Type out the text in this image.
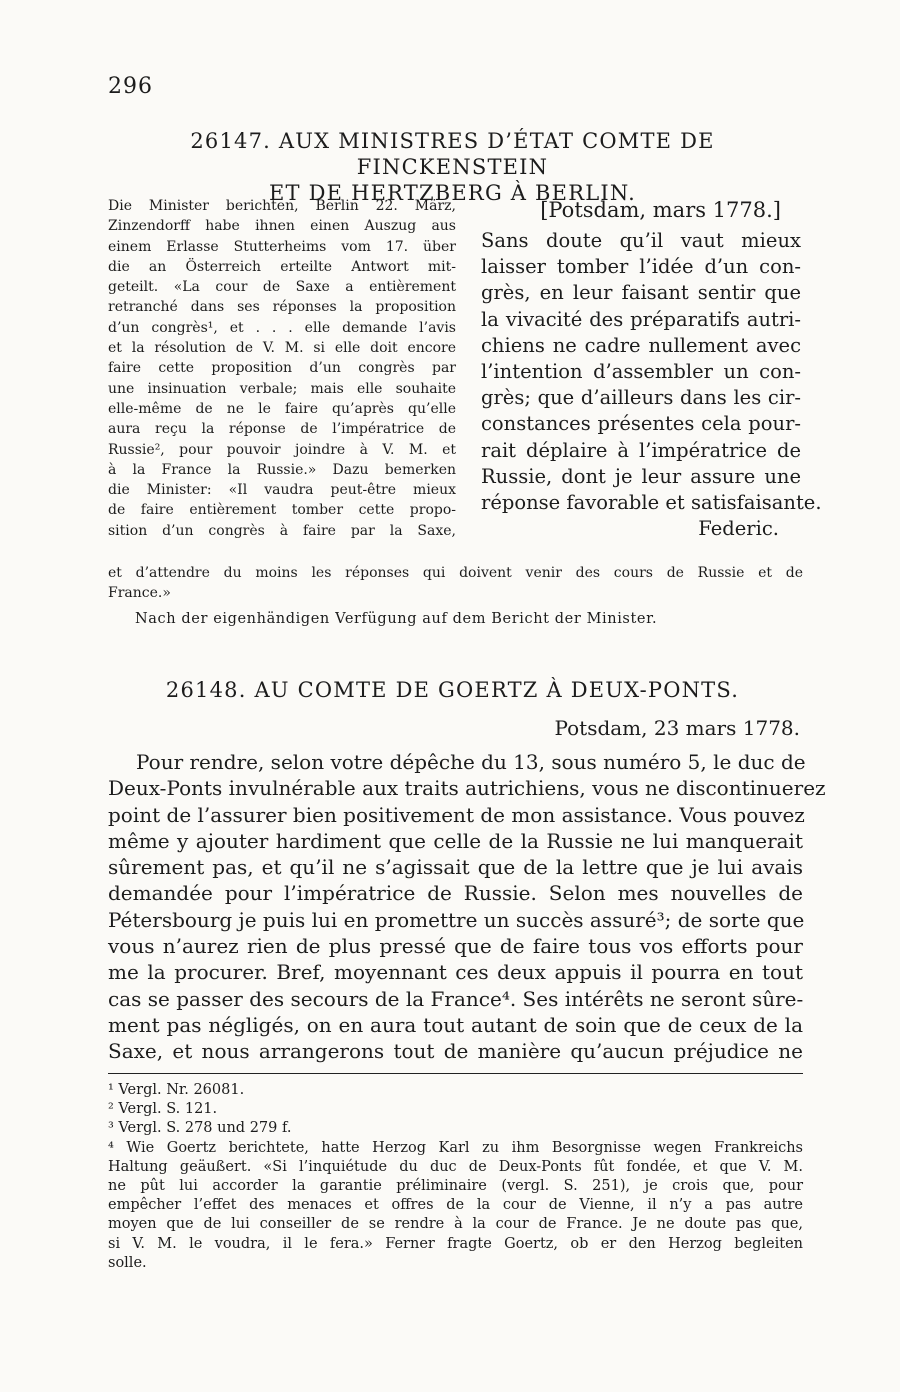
296
26147. AUX MINISTRES D’ÉTAT COMTE DE FINCKENSTEIN
ET DE HERTZBERG À BERLIN.
Die Minister berichten, Berlin 22. März,
Zinzendorff habe ihnen einen Auszug aus
einem Erlasse Stutterheims vom 17. über
die an Österreich erteilte Antwort mit-
geteilt. «La cour de Saxe a entièrement
retranché dans ses réponses la proposition
d’un congrès¹, et . . . elle demande l’avis
et la résolution de V. M. si elle doit encore
faire cette proposition d’un congrès par
une insinuation verbale; mais elle souhaite
elle-même de ne le faire qu’après qu’elle
aura reçu la réponse de l’impératrice de
Russie², pour pouvoir joindre à V. M. et
à la France la Russie.» Dazu bemerken
die Minister: «Il vaudra peut-être mieux
de faire entièrement tomber cette propo-
sition d’un congrès à faire par la Saxe,
[Potsdam, mars 1778.]
Sans doute qu’il vaut mieux
laisser tomber l’idée d’un con-
grès, en leur faisant sentir que
la vivacité des préparatifs autri-
chiens ne cadre nullement avec
l’intention d’assembler un con-
grès; que d’ailleurs dans les cir-
constances présentes cela pour-
rait déplaire à l’impératrice de
Russie, dont je leur assure une
réponse favorable et satisfaisante.
Federic.
et d’attendre du moins les réponses qui doivent venir des cours de Russie et de
France.»
Nach der eigenhändigen Verfügung auf dem Bericht der Minister.
26148. AU COMTE DE GOERTZ À DEUX-PONTS.
Potsdam, 23 mars 1778.
Pour rendre, selon votre dépêche du 13, sous numéro 5, le duc de
Deux-Ponts invulnérable aux traits autrichiens, vous ne discontinuerez
point de l’assurer bien positivement de mon assistance. Vous pouvez
même y ajouter hardiment que celle de la Russie ne lui manquerait
sûrement pas, et qu’il ne s’agissait que de la lettre que je lui avais
demandée pour l’impératrice de Russie. Selon mes nouvelles de
Pétersbourg je puis lui en promettre un succès assuré³; de sorte que
vous n’aurez rien de plus pressé que de faire tous vos efforts pour
me la procurer. Bref, moyennant ces deux appuis il pourra en tout
cas se passer des secours de la France⁴. Ses intérêts ne seront sûre-
ment pas négligés, on en aura tout autant de soin que de ceux de la
Saxe, et nous arrangerons tout de manière qu’aucun préjudice ne
¹ Vergl. Nr. 26081.
² Vergl. S. 121.
³ Vergl. S. 278 und 279 f.
⁴ Wie Goertz berichtete, hatte Herzog Karl zu ihm Besorgnisse wegen Frankreichs
Haltung geäußert. «Si l’inquiétude du duc de Deux-Ponts fût fondée, et que V. M.
ne pût lui accorder la garantie préliminaire (vergl. S. 251), je crois que, pour
empêcher l’effet des menaces et offres de la cour de Vienne, il n’y a pas autre
moyen que de lui conseiller de se rendre à la cour de France. Je ne doute pas que,
si V. M. le voudra, il le fera.» Ferner fragte Goertz, ob er den Herzog begleiten
solle.
